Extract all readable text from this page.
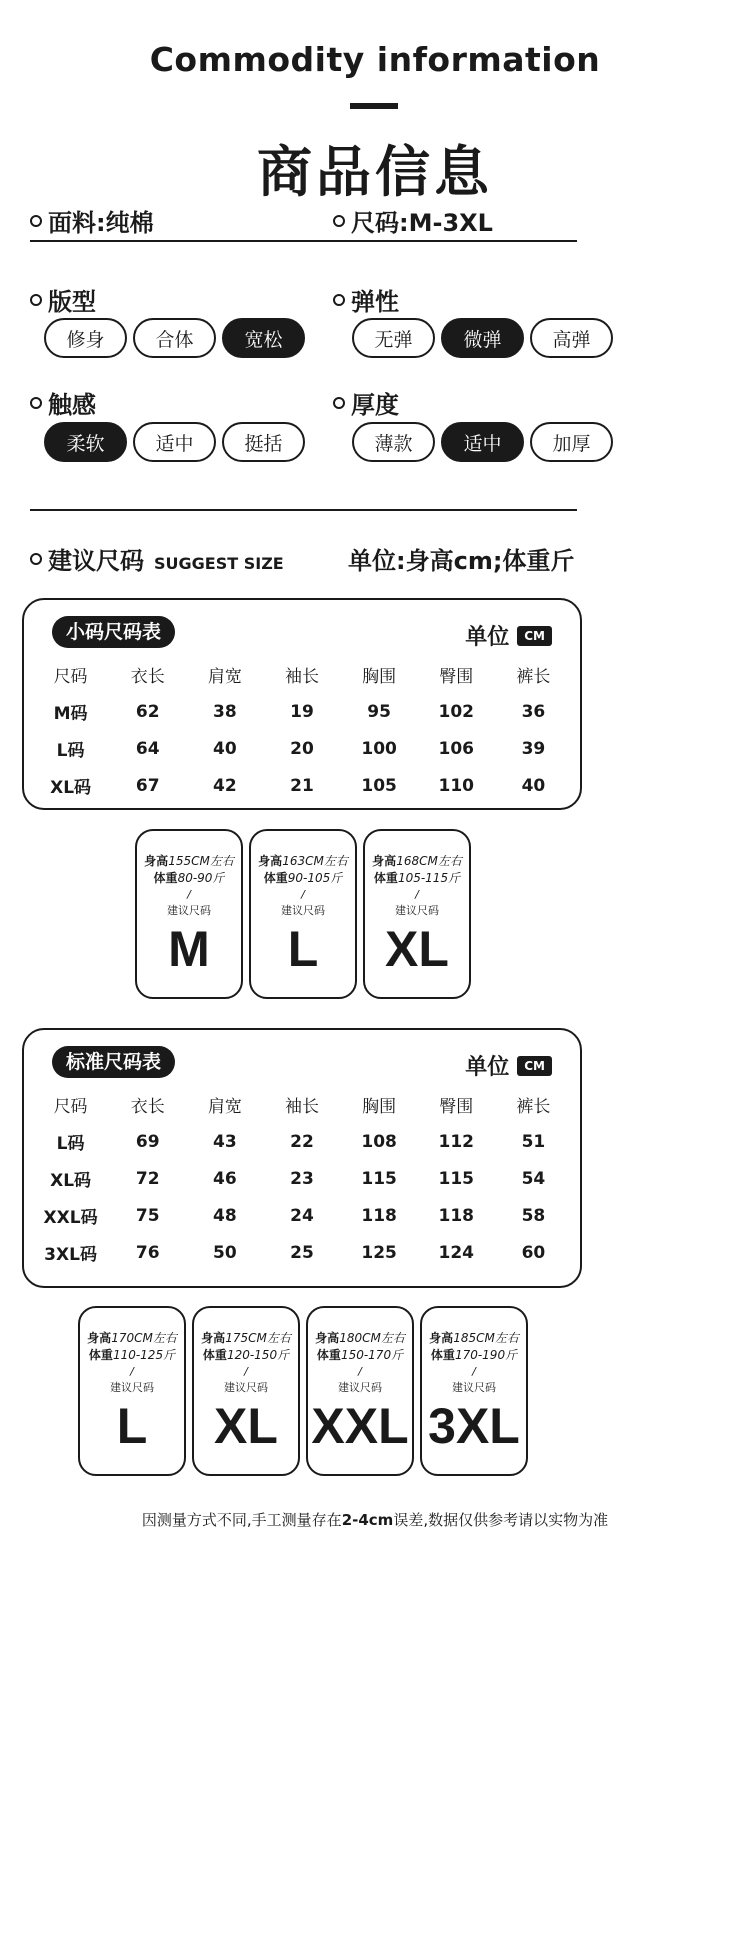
Commodity information
商品信息
面料:纯棉	尺码:M-3XL
版型
修身	合体	宽松
弹性
无弹	微弹	高弹
触感
柔软	适中	挺括
厚度
薄款	适中	加厚
建议尺码 SUGGEST SIZE	单位:身高cm;体重斤
小码尺码表	单位	CM
尺码	衣长	肩宽	袖长	胸围	臀围	裤长
M码	62	38	19	95	102	36
L码	64	40	20	100	106	39
XL码	67	42	21	105	110	40
身高155CM左右
体重80-90斤
/
建议尺码
M
身高163CM左右
体重90-105斤
/
建议尺码
L
身高168CM左右
体重105-115斤
/
建议尺码
XL
标准尺码表	单位	CM
尺码	衣长	肩宽	袖长	胸围	臀围	裤长
L码	69	43	22	108	112	51
XL码	72	46	23	115	115	54
XXL码	75	48	24	118	118	58
3XL码	76	50	25	125	124	60
身高170CM左右
体重110-125斤
/
建议尺码
L
身高175CM左右
体重120-150斤
/
建议尺码
XL
身高180CM左右
体重150-170斤
/
建议尺码
XXL
身高185CM左右
体重170-190斤
/
建议尺码
3XL
因测量方式不同,手工测量存在2-4cm误差,数据仅供参考请以实物为准
